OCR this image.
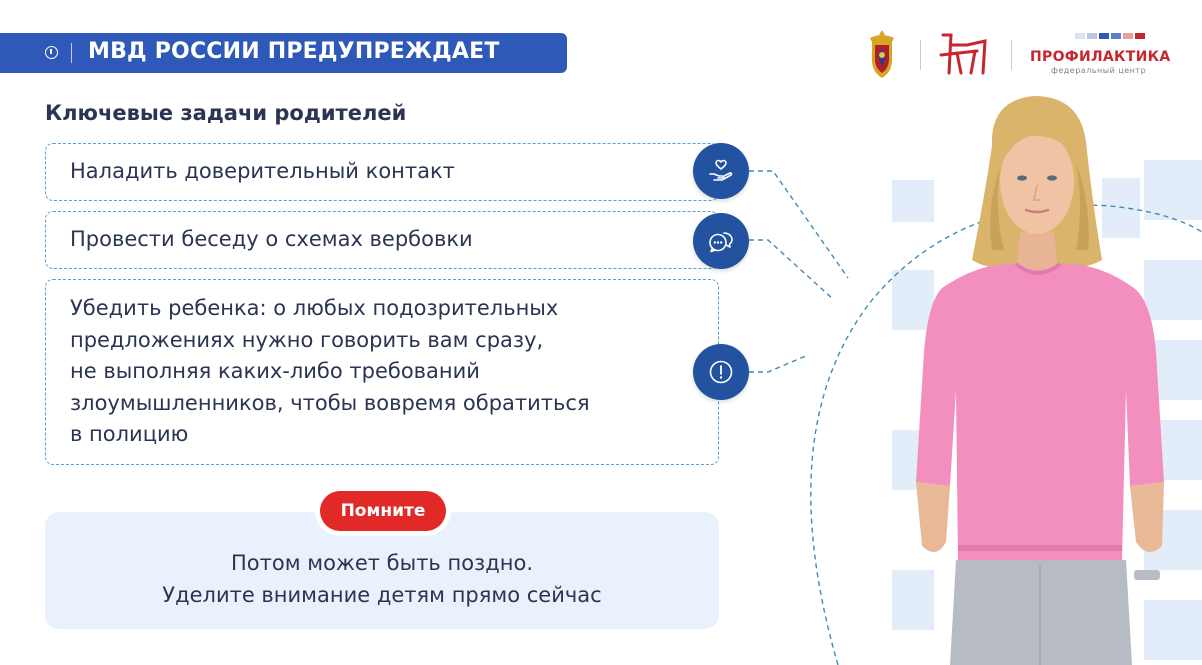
МВД РОССИИ ПРЕДУПРЕЖДАЕТ	ПРОФИЛАКТИКА
федеральный центр
Ключевые задачи родителей
Наладить доверительный контакт
Провести беседу о схемах вербовки
Убедить ребенка: о любых подозрительных
предложениях нужно говорить вам сразу,
не выполняя каких-либо требований
злоумышленников, чтобы вовремя обратиться
в полицию
Помните
Потом может быть поздно.
Уделите внимание детям прямо сейчас
